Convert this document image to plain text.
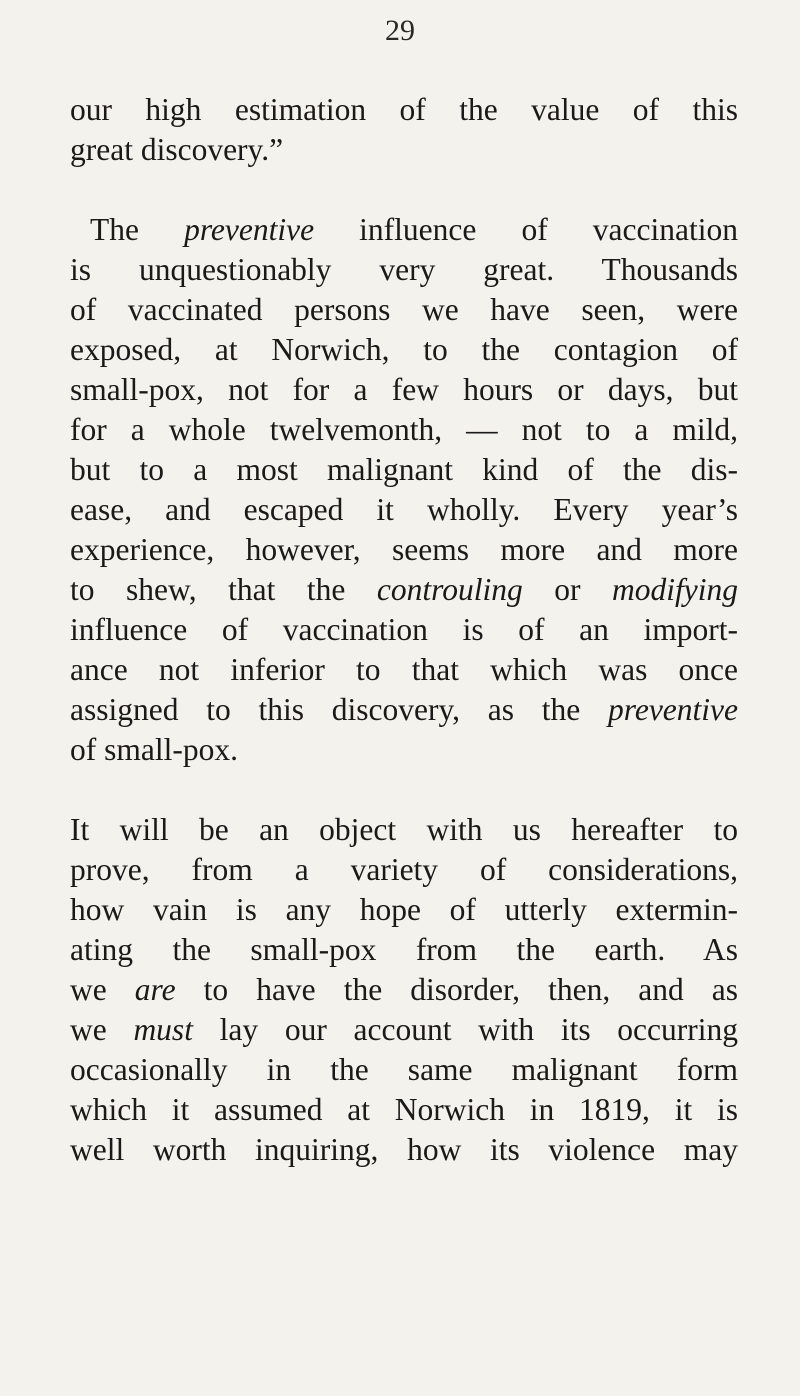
29
our high estimation of the value of this
great discovery.”
The preventive influence of vaccination
is unquestionably very great. Thousands
of vaccinated persons we have seen, were
exposed, at Norwich, to the contagion of
small-pox, not for a few hours or days, but
for a whole twelvemonth, — not to a mild,
but to a most malignant kind of the dis-
ease, and escaped it wholly. Every year’s
experience, however, seems more and more
to shew, that the controuling or modifying
influence of vaccination is of an import-
ance not inferior to that which was once
assigned to this discovery, as the preventive
of small-pox.
It will be an object with us hereafter to
prove, from a variety of considerations,
how vain is any hope of utterly extermin-
ating the small-pox from the earth. As
we are to have the disorder, then, and as
we must lay our account with its occurring
occasionally in the same malignant form
which it assumed at Norwich in 1819, it is
well worth inquiring, how its violence may
